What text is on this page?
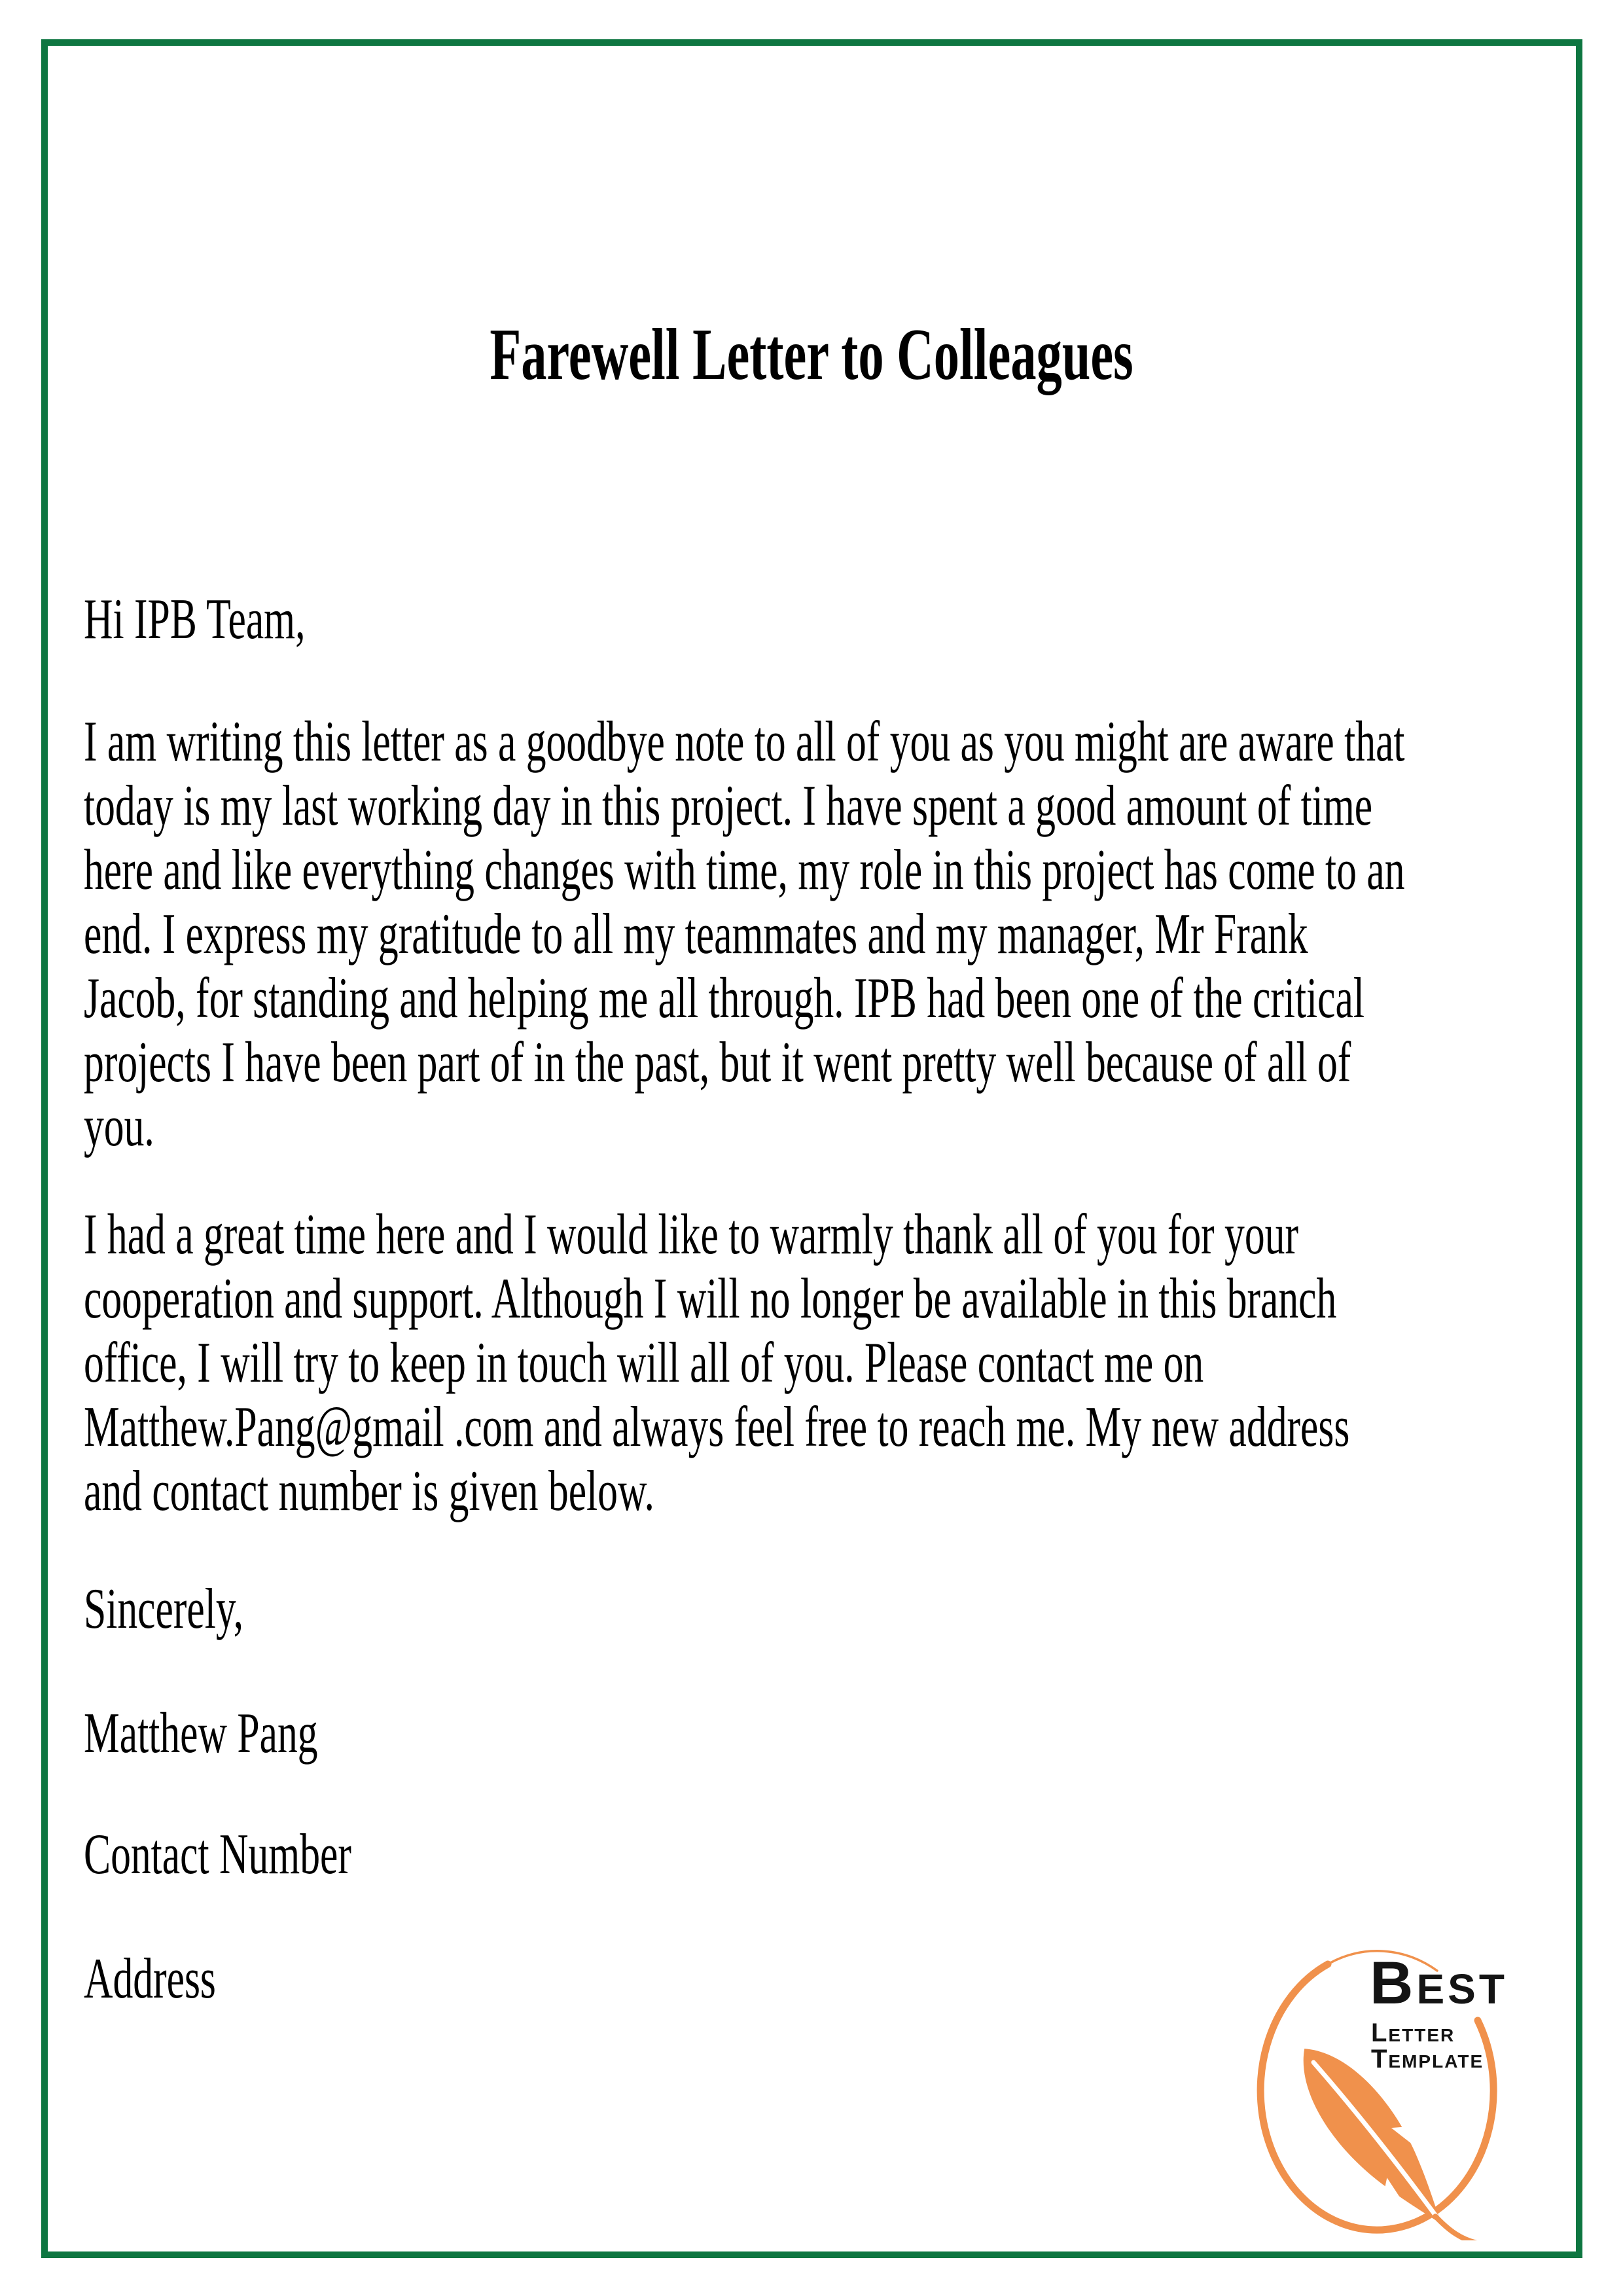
Farewell Letter to Colleagues
Hi IPB Team,
I am writing this letter as a goodbye note to all of you as you might are aware that
today is my last working day in this project. I have spent a good amount of time
here and like everything changes with time, my role in this project has come to an
end. I express my gratitude to all my teammates and my manager, Mr Frank
Jacob, for standing and helping me all through. IPB had been one of the critical
projects I have been part of in the past, but it went pretty well because of all of
you.
I had a great time here and I would like to warmly thank all of you for your
cooperation and support. Although I will no longer be available in this branch
office, I will try to keep in touch will all of you. Please contact me on
Matthew.Pang@gmail .com and always feel free to reach me. My new address
and contact number is given below.
Sincerely,
Matthew Pang
Contact Number
Address	Best
Letter Template
